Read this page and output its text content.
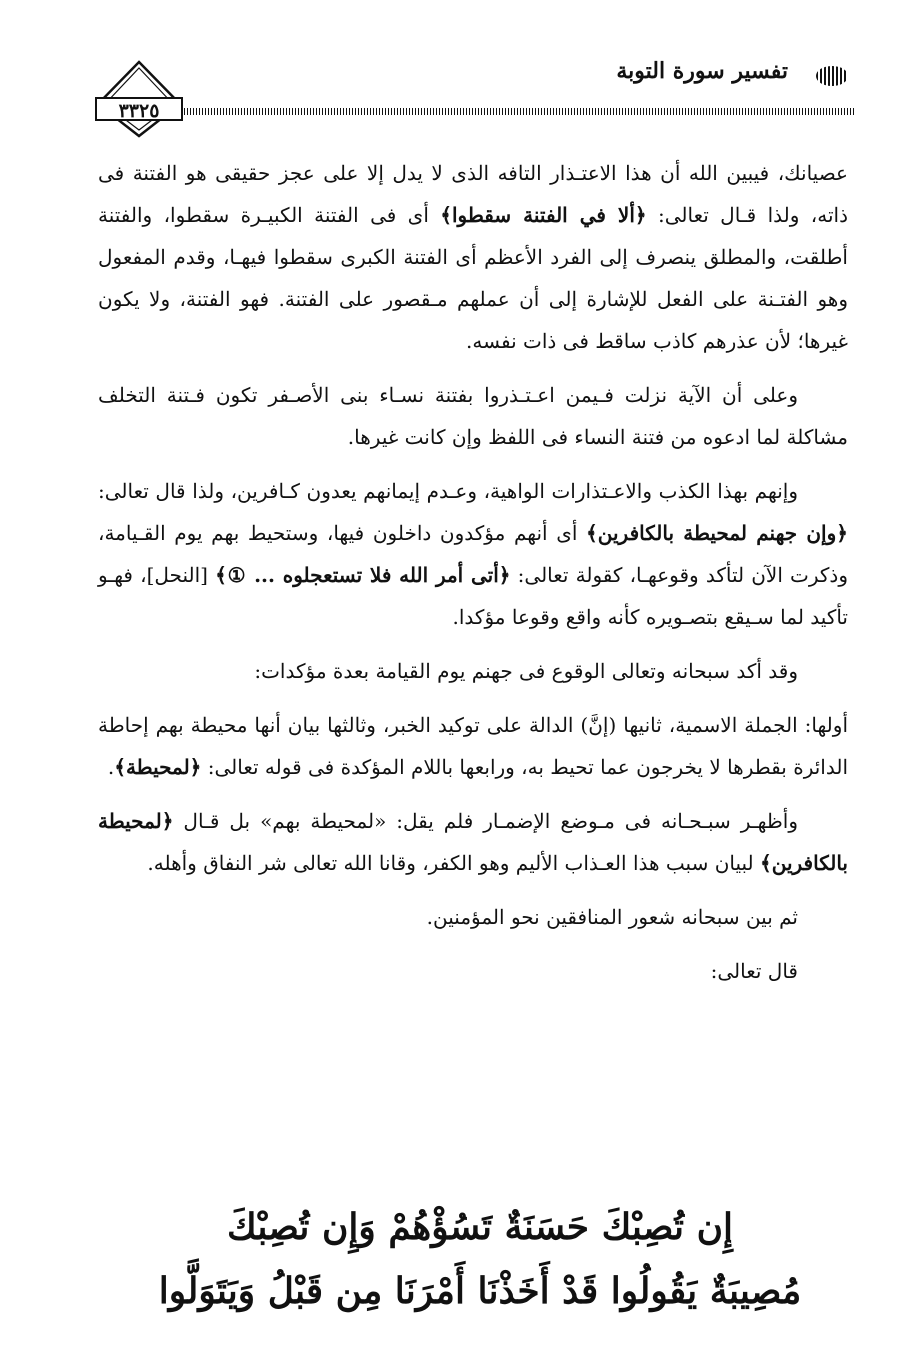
تفسير سورة التوبة
٣٣٢٥

عصيانك، فيبين الله أن هذا الاعتـذار التافه الذى لا يدل إلا على عجز حقيقى هو الفتنة فى ذاته، ولذا قـال تعالى: ﴿ألا في الفتنة سقطوا﴾ أى فى الفتنة الكبيـرة سقطوا، والفتنة أطلقت، والمطلق ينصرف إلى الفرد الأعظم أى الفتنة الكبرى سقطوا فيهـا، وقدم المفعول وهو الفتـنة على الفعل للإشارة إلى أن عملهم مـقصور على الفتنة. فهو الفتنة، ولا يكون غيرها؛ لأن عذرهم كاذب ساقط فى ذات نفسه.

وعلى أن الآية نزلت فـيمن اعـتـذروا بفتنة نسـاء بنى الأصـفر تكون فـتنة التخلف مشاكلة لما ادعوه من فتنة النساء فى اللفظ وإن كانت غيرها.

وإنهم بهذا الكذب والاعـتذارات الواهية، وعـدم إيمانهم يعدون كـافرين، ولذا قال تعالى: ﴿وإن جهنم لمحيطة بالكافرين﴾ أى أنهم مؤكدون داخلون فيها، وستحيط بهم يوم القـيامة، وذكرت الآن لتأكد وقوعهـا، كقولة تعالى: ﴿أتى أمر الله فلا تستعجلوه ... ①﴾ [النحل]، فهـو تأكيد لما سـيقع بتصـويره كأنه واقع وقوعا مؤكدا.

وقد أكد سبحانه وتعالى الوقوع فى جهنم يوم القيامة بعدة مؤكدات:

أولها: الجملة الاسمية، ثانيها (إنَّ) الدالة على توكيد الخبر، وثالثها بيان أنها محيطة بهم إحاطة الدائرة بقطرها لا يخرجون عما تحيط به، ورابعها باللام المؤكدة فى قوله تعالى: ﴿لمحيطة﴾.

وأظهـر سبـحـانه فى مـوضع الإضمـار فلم يقل: «لمحيطة بهم» بل قـال ﴿لمحيطة بالكافرين﴾ لبيان سبب هذا العـذاب الأليم وهو الكفر، وقانا الله تعالى شر النفاق وأهله.

ثم بين سبحانه شعور المنافقين نحو المؤمنين.

قال تعالى:

إِن تُصِبْكَ حَسَنَةٌ تَسُؤْهُمْ وَإِن تُصِبْكَ
مُصِيبَةٌ يَقُولُوا قَدْ أَخَذْنَا أَمْرَنَا مِن قَبْلُ وَيَتَوَلَّوا
